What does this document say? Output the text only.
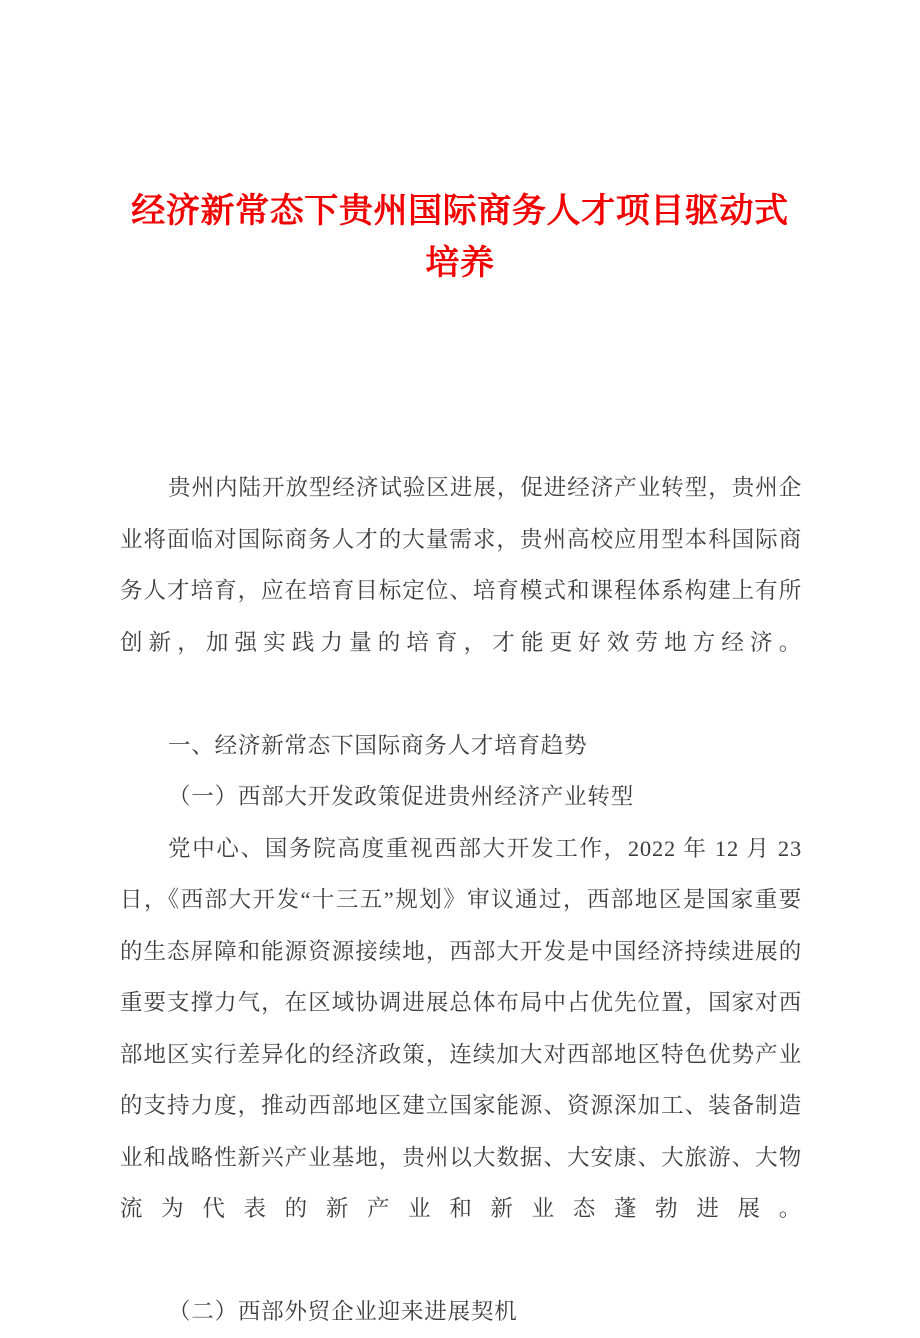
经济新常态下贵州国际商务人才项目驱动式培养

贵州内陆开放型经济试验区进展，促进经济产业转型，贵州企业将面临对国际商务人才的大量需求，贵州高校应用型本科国际商务人才培育，应在培育目标定位、培育模式和课程体系构建上有所创新，加强实践力量的培育，才能更好效劳地方经济。

一、经济新常态下国际商务人才培育趋势

（一）西部大开发政策促进贵州经济产业转型

党中心、国务院高度重视西部大开发工作，2022 年 12 月 23 日，《西部大开发“十三五”规划》审议通过，西部地区是国家重要的生态屏障和能源资源接续地，西部大开发是中国经济持续进展的重要支撑力气，在区域协调进展总体布局中占优先位置，国家对西部地区实行差异化的经济政策，连续加大对西部地区特色优势产业的支持力度，推动西部地区建立国家能源、资源深加工、装备制造业和战略性新兴产业基地，贵州以大数据、大安康、大旅游、大物流为代表的新产业和新业态蓬勃进展。

（二）西部外贸企业迎来进展契机
